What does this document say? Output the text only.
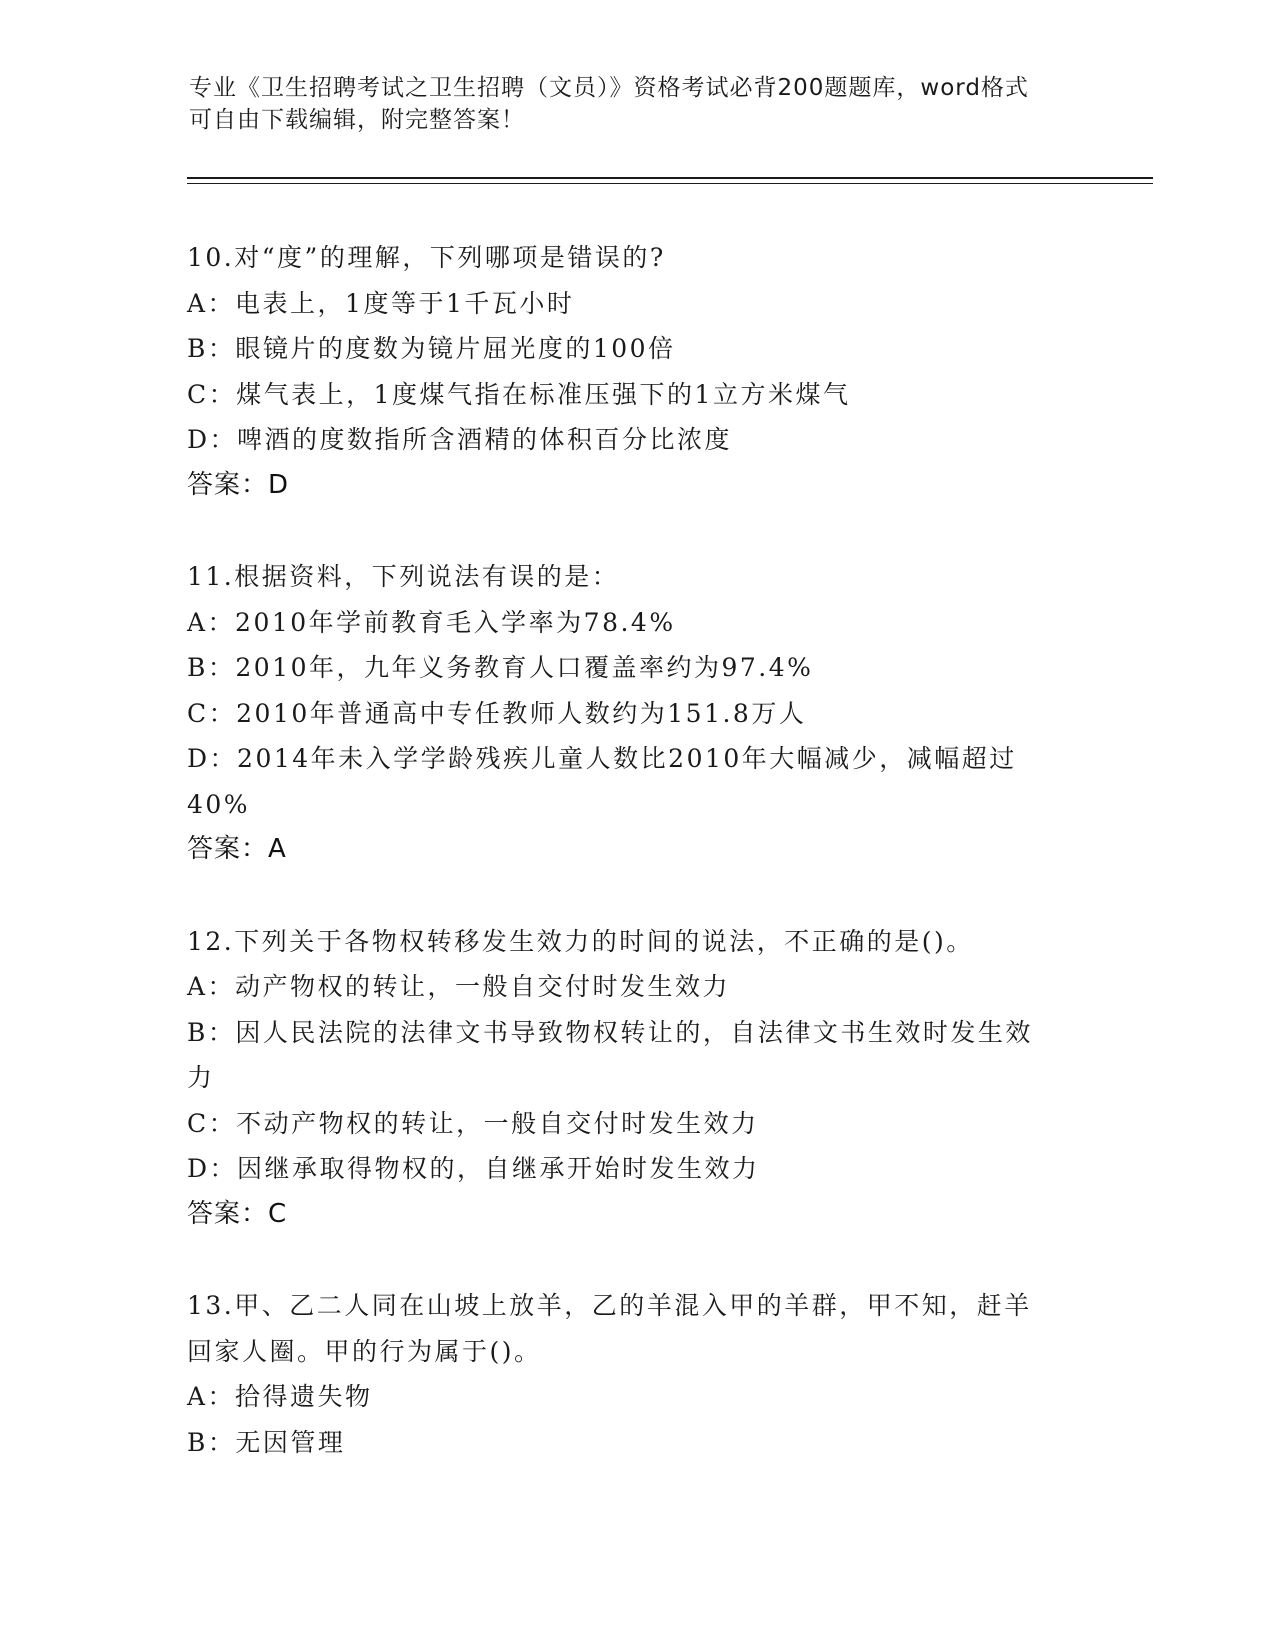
专业《卫生招聘考试之卫生招聘（文员）》资格考试必背200题题库，word格式
可自由下载编辑，附完整答案！
10.对“度”的理解，下列哪项是错误的?
A：电表上，1度等于1千瓦小时
B：眼镜片的度数为镜片屈光度的100倍
C：煤气表上，1度煤气指在标准压强下的1立方米煤气
D：啤酒的度数指所含酒精的体积百分比浓度
答案：D
11.根据资料，下列说法有误的是：
A：2010年学前教育毛入学率为78.4%
B：2010年，九年义务教育人口覆盖率约为97.4%
C：2010年普通高中专任教师人数约为151.8万人
D：2014年未入学学龄残疾儿童人数比2010年大幅减少，减幅超过
40%
答案：A
12.下列关于各物权转移发生效力的时间的说法，不正确的是()。
A：动产物权的转让，一般自交付时发生效力
B：因人民法院的法律文书导致物权转让的，自法律文书生效时发生效
力
C：不动产物权的转让，一般自交付时发生效力
D：因继承取得物权的，自继承开始时发生效力
答案：C
13.甲、乙二人同在山坡上放羊，乙的羊混入甲的羊群，甲不知，赶羊
回家人圈。甲的行为属于()。
A：拾得遗失物
B：无因管理
